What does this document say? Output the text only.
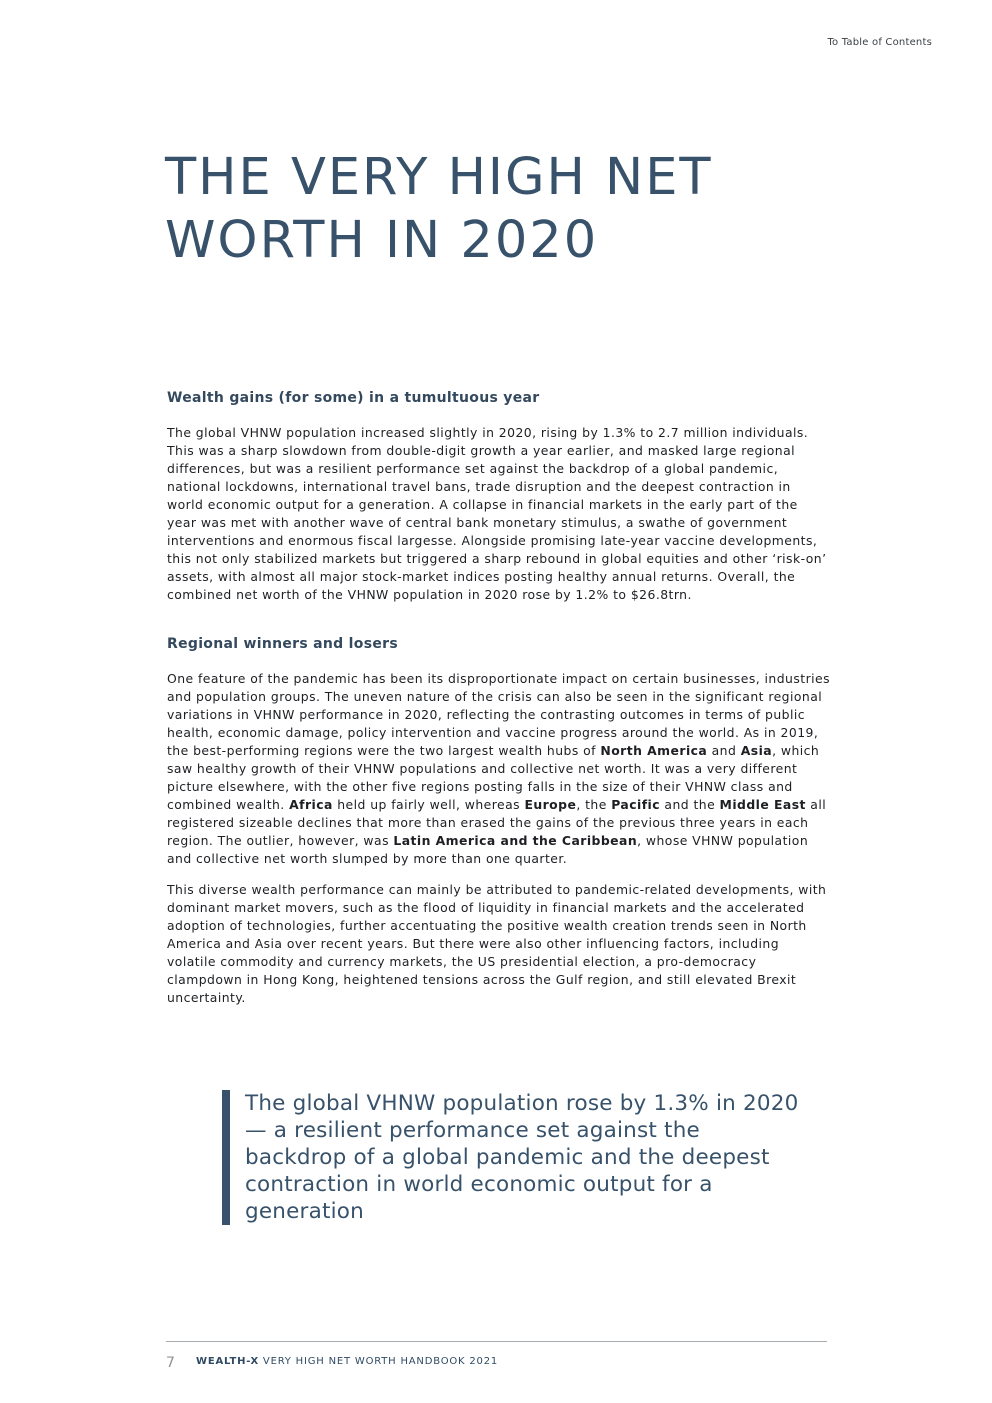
To Table of Contents
THE VERY HIGH NET
WORTH IN 2020
Wealth gains (for some) in a tumultuous year

The global VHNW population increased slightly in 2020, rising by 1.3% to 2.7 million individuals. This was a sharp slowdown from double-digit growth a year earlier, and masked large regional differences, but was a resilient performance set against the backdrop of a global pandemic, national lockdowns, international travel bans, trade disruption and the deepest contraction in world economic output for a generation. A collapse in financial markets in the early part of the year was met with another wave of central bank monetary stimulus, a swathe of government interventions and enormous fiscal largesse. Alongside promising late-year vaccine developments, this not only stabilized markets but triggered a sharp rebound in global equities and other ‘risk-on’ assets, with almost all major stock-market indices posting healthy annual returns. Overall, the combined net worth of the VHNW population in 2020 rose by 1.2% to $26.8trn.

Regional winners and losers

One feature of the pandemic has been its disproportionate impact on certain businesses, industries and population groups. The uneven nature of the crisis can also be seen in the significant regional variations in VHNW performance in 2020, reflecting the contrasting outcomes in terms of public health, economic damage, policy intervention and vaccine progress around the world. As in 2019, the best-performing regions were the two largest wealth hubs of North America and Asia, which saw healthy growth of their VHNW populations and collective net worth. It was a very different picture elsewhere, with the other five regions posting falls in the size of their VHNW class and combined wealth. Africa held up fairly well, whereas Europe, the Pacific and the Middle East all registered sizeable declines that more than erased the gains of the previous three years in each region. The outlier, however, was Latin America and the Caribbean, whose VHNW population and collective net worth slumped by more than one quarter.

This diverse wealth performance can mainly be attributed to pandemic-related developments, with dominant market movers, such as the flood of liquidity in financial markets and the accelerated adoption of technologies, further accentuating the positive wealth creation trends seen in North America and Asia over recent years. But there were also other influencing factors, including volatile commodity and currency markets, the US presidential election, a pro-democracy clampdown in Hong Kong, heightened tensions across the Gulf region, and still elevated Brexit uncertainty.

The global VHNW population rose by 1.3% in 2020 — a resilient performance set against the backdrop of a global pandemic and the deepest contraction in world economic output for a generation

7 WEALTH-X VERY HIGH NET WORTH HANDBOOK 2021
